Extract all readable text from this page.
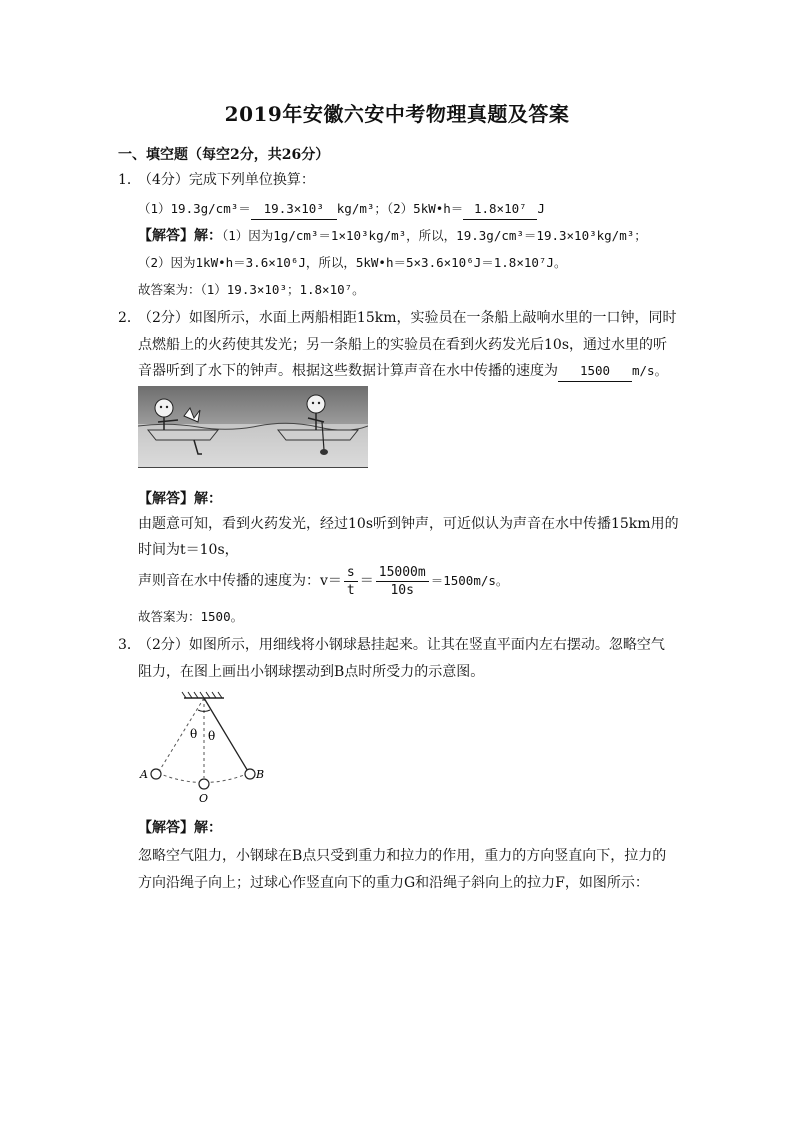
2019年安徽六安中考物理真题及答案
一、填空题（每空2分，共26分）
1．
（4分）完成下列单位换算：
（1）19.3g/cm³＝ 19.3×10³ kg/m³；（2）5kW•h＝ 1.8×10⁷ J
【解答】解：（1）因为1g/cm³＝1×10³kg/m³，所以，19.3g/cm³＝19.3×10³kg/m³；
（2）因为1kW•h＝3.6×10⁶J，所以，5kW•h＝5×3.6×10⁶J＝1.8×10⁷J。
故答案为：（1）19.3×10³；1.8×10⁷。
2．
（2分）如图所示，水面上两船相距15km，实验员在一条船上敲响水里的一口钟，同时
点燃船上的火药使其发光；另一条船上的实验员在看到火药发光后10s，通过水里的听
音器听到了水下的钟声。根据这些数据计算声音在水中传播的速度为 1500 m/s。
【解答】解：
由题意可知，看到火药发光，经过10s听到钟声，可近似认为声音在水中传播15km用的
时间为t＝10s，
声则音在水中传播的速度为：$v= \frac{s}{t} = \frac{15000m}{10s} =1500m/s$。
故答案为：1500。
3．
（2分）如图所示，用细线将小钢球悬挂起来。让其在竖直平面内左右摆动。忽略空气
阻力，在图上画出小钢球摆动到B点时所受力的示意图。
θ θ
A	B
O
【解答】解：
忽略空气阻力，小钢球在B点只受到重力和拉力的作用，重力的方向竖直向下，拉力的
方向沿绳子向上；过球心作竖直向下的重力G和沿绳子斜向上的拉力F，如图所示：
